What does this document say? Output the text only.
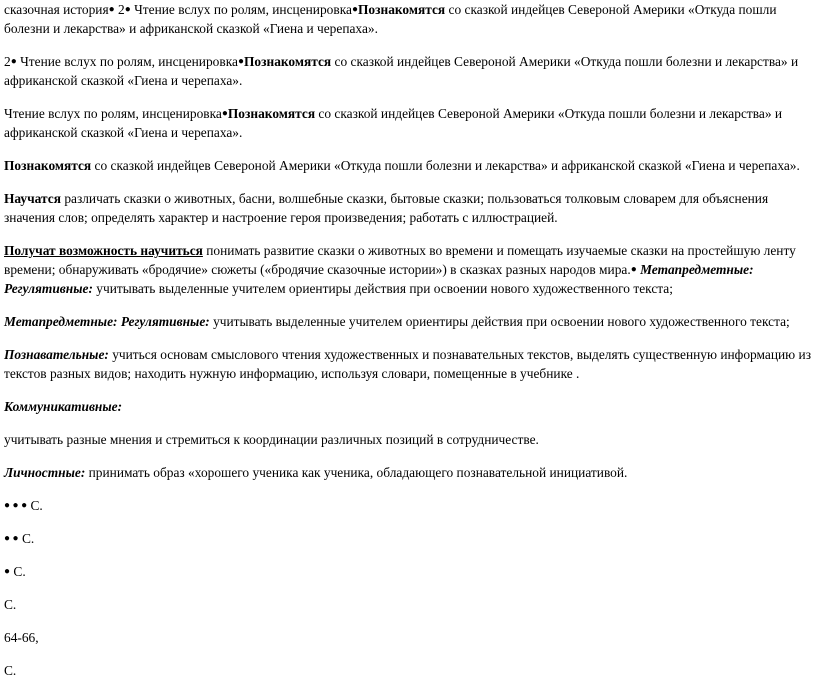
сказочная история● 2● Чтение вслух по ролям, инсценировка●Познакомятся со сказкой индейцев Североной Америки «Откуда пошли болезни и лекарства» и африканской сказкой «Гиена и черепаха».

2● Чтение вслух по ролям, инсценировка●Познакомятся со сказкой индейцев Североной Америки «Откуда пошли болезни и лекарства» и африканской сказкой «Гиена и черепаха».

Чтение вслух по ролям, инсценировка●Познакомятся со сказкой индейцев Североной Америки «Откуда пошли болезни и лекарства» и африканской сказкой «Гиена и черепаха».

Познакомятся со сказкой индейцев Североной Америки «Откуда пошли болезни и лекарства» и африканской сказкой «Гиена и черепаха».

Научатся различать сказки о животных, басни, волшебные сказки, бытовые сказки; пользоваться толковым словарем для объяснения значения слов; определять характер и настроение героя произведения; работать с иллюстрацией.

Получат возможность научиться понимать развитие сказки о животных во времени и помещать изучаемые сказки на простейшую ленту времени; обнаруживать «бродячие» сюжеты («бродячие сказочные истории») в сказках разных народов мира.● Метапредметные: Регулятивные: учитывать выделенные учителем ориентиры действия при освоении нового художественного текста;

Метапредметные: Регулятивные: учитывать выделенные учителем ориентиры действия при освоении нового художественного текста;

Познавательные: учиться основам смыслового чтения художественных и познавательных текстов, выделять существенную информацию из текстов разных видов; находить нужную информацию, используя словари, помещенные в учебнике .

Коммуникативные:

учитывать разные мнения и стремиться к координации различных позиций в сотрудничестве.

Личностные: принимать образ «хорошего ученика как ученика, обладающего познавательной инициативой.

● ● ● С.

● ● С.

● С.

С.

64-66,

С.
